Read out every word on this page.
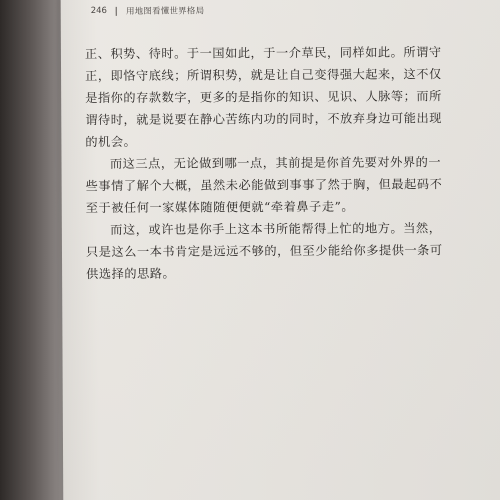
246 用地图看懂世界格局

正、积势、待时。于一国如此，于一介草民，同样如此。所谓守
正，即恪守底线；所谓积势，就是让自己变得强大起来，这不仅
是指你的存款数字，更多的是指你的知识、见识、人脉等；而所
谓待时，就是说要在静心苦练内功的同时，不放弃身边可能出现
的机会。

而这三点，无论做到哪一点，其前提是你首先要对外界的一
些事情了解个大概，虽然未必能做到事事了然于胸，但最起码不
至于被任何一家媒体随随便便就“牵着鼻子走”。

而这，或许也是你手上这本书所能帮得上忙的地方。当然，
只是这么一本书肯定是远远不够的，但至少能给你多提供一条可
供选择的思路。
